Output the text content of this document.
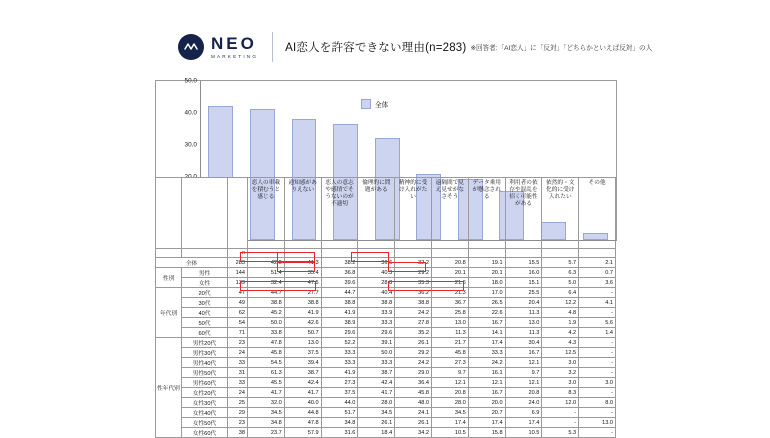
NEO
MARKETING
AI恋人を許容できない理由(n=283) ※回答者:「AI恋人」に「反対」「どちらかといえば反対」の人
30.0
40.0
50.0
全体
			恋人の車載を積むうと感じる	通知感がありえない	恋人の意志や感情でそうないのが不適切	倫理的に問題がある	精神的に受け入れがたい	遠隔間で見え見せがなさそう	データ乗用が懸念される	利用者の依存や混乱を招く可能性がある	依然的・文化的に受け入れたい	その他
		n										
全体		283	42.0	41.3	38.2	36.6	32.2	20.8	19.1	15.5	5.7	2.1
性別	男性	144	51.4	35.4	36.8	40.3	29.2	20.1	20.1	16.0	6.3	0.7
	女性	139	32.4	47.5	39.6	28.8	35.3	21.6	18.0	15.1	5.0	3.6
年代別	20代	47	44.7	27.7	44.7	40.4	36.2	21.3	17.0	25.5	6.4	-
	30代	49	38.8	38.8	38.8	38.8	38.8	36.7	26.5	20.4	12.2	4.1
	40代	62	45.2	41.9	41.9	33.9	24.2	25.8	22.6	11.3	4.8	-
	50代	54	50.0	42.6	38.9	33.3	27.8	13.0	16.7	13.0	1.9	5.6
	60代	71	33.8	50.7	29.6	29.6	35.2	11.3	14.1	11.3	4.2	1.4
性年代別	男性20代	23	47.8	13.0	52.2	39.1	26.1	21.7	17.4	30.4	4.3	-
	男性30代	24	45.8	37.5	33.3	50.0	29.2	45.8	33.3	16.7	12.5	-
	男性40代	33	54.5	39.4	33.3	33.3	24.2	27.3	24.2	12.1	3.0	-
	男性50代	31	61.3	38.7	41.9	38.7	29.0	9.7	16.1	9.7	3.2	-
	男性60代	33	45.5	42.4	27.3	42.4	36.4	12.1	12.1	12.1	3.0	3.0
	女性20代	24	41.7	41.7	37.5	41.7	45.8	20.8	16.7	20.8	8.3	-
	女性30代	25	32.0	40.0	44.0	28.0	48.0	28.0	20.0	24.0	12.0	8.0
	女性40代	29	34.5	44.8	51.7	34.5	24.1	34.5	20.7	6.9	-	-
	女性50代	23	34.8	47.8	34.8	26.1	26.1	17.4	17.4	17.4	-	13.0
	女性60代	38	23.7	57.9	31.6	18.4	34.2	10.5	15.8	10.5	5.3	-
